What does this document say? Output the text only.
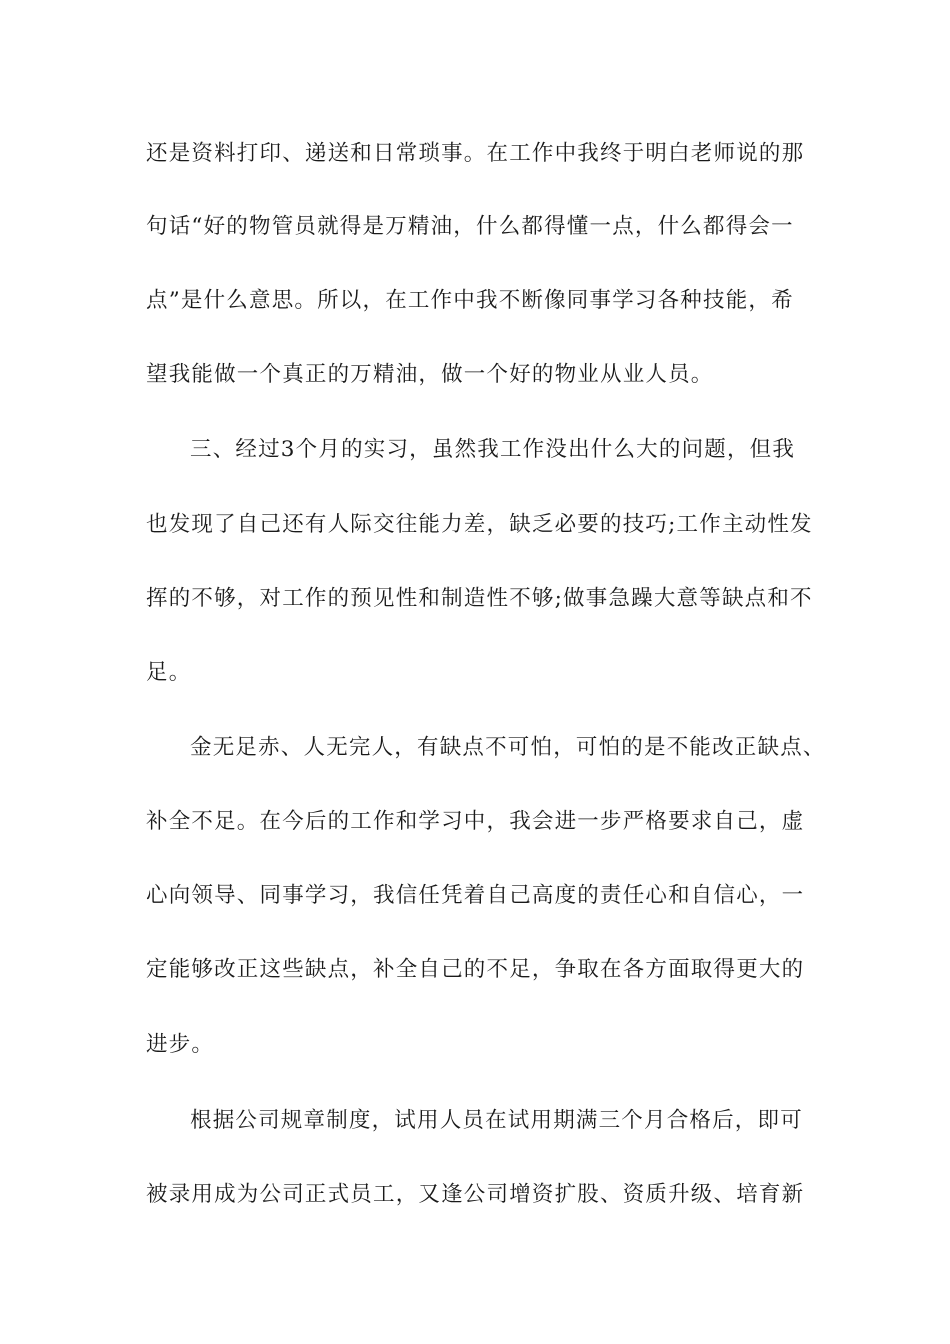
还是资料打印、递送和日常琐事。在工作中我终于明白老师说的那
句话“好的物管员就得是万精油，什么都得懂一点，什么都得会一
点”是什么意思。所以，在工作中我不断像同事学习各种技能，希
望我能做一个真正的万精油，做一个好的物业从业人员。
三、经过3个月的实习，虽然我工作没出什么大的问题，但我
也发现了自己还有人际交往能力差，缺乏必要的技巧;工作主动性发
挥的不够，对工作的预见性和制造性不够;做事急躁大意等缺点和不
足。
金无足赤、人无完人，有缺点不可怕，可怕的是不能改正缺点、
补全不足。在今后的工作和学习中，我会进一步严格要求自己，虚
心向领导、同事学习，我信任凭着自己高度的责任心和自信心，一
定能够改正这些缺点，补全自己的不足，争取在各方面取得更大的
进步。
根据公司规章制度，试用人员在试用期满三个月合格后，即可
被录用成为公司正式员工，又逢公司增资扩股、资质升级、培育新
